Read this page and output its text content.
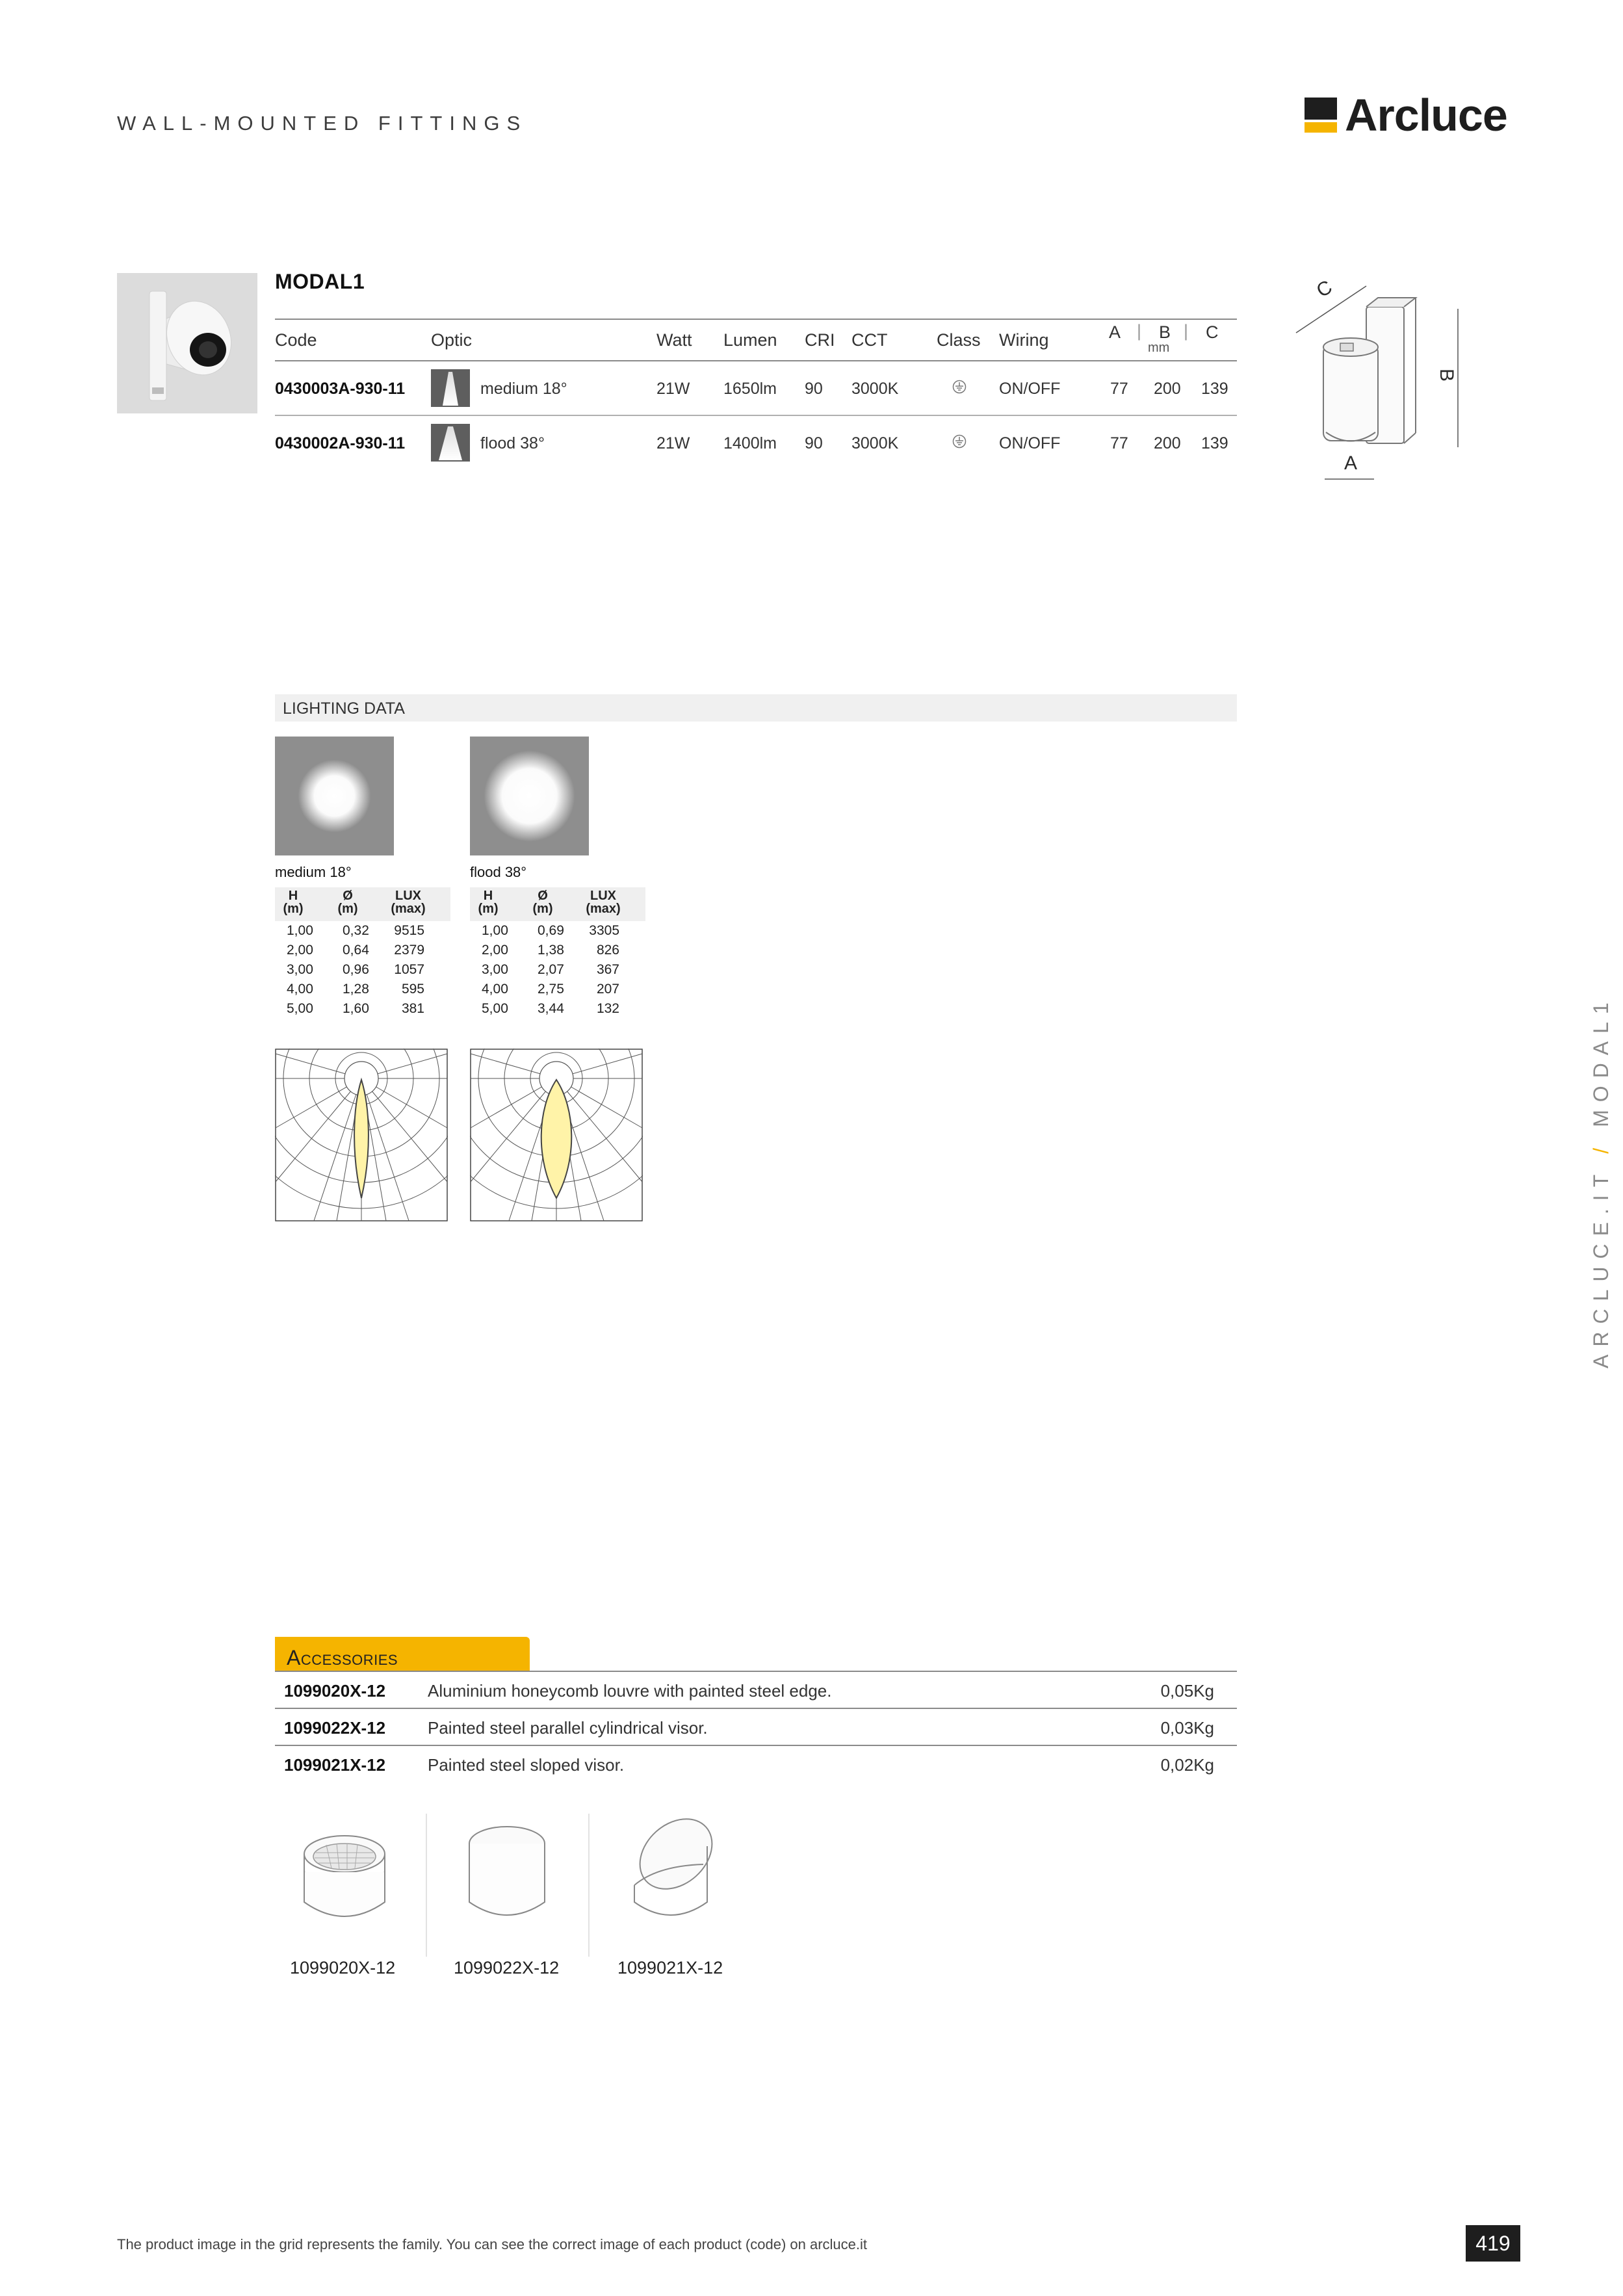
WALL-MOUNTED FITTINGS	Arcluce
MODAL1
Code	Optic	Watt Lumen CRI CCT	Class Wiring	A | B | C
mm
0430003A-930-11	medium 18°	21W 1650lm 90 3000K	ON/OFF	77 200 139
0430002A-930-11	flood 38°	21W 1400lm 90 3000K	ON/OFF	77 200 139
C
B
A
LIGHTING DATA
medium 18°
H
(m)
Ø
(m)
LUX
(max)
1,00 0,32 9515
2,00 0,64 2379
3,00 0,96 1057
4,00 1,28 595
5,00 1,60 381
flood 38°
H
(m)
Ø
(m)
LUX
(max)
1,00 0,69 3305
2,00 1,38 826
3,00 2,07 367
4,00 2,75 207
5,00 3,44 132
Accessories
1099020X-12 Aluminium honeycomb louvre with painted steel edge.	0,05Kg
1099022X-12 Painted steel parallel cylindrical visor.	0,03Kg
1099021X-12 Painted steel sloped visor.	0,02Kg
1099020X-12	1099022X-12	1099021X-12
ARCLUCE.IT/MODAL1
The product image in the grid represents the family. You can see the correct image of each product (code) on arcluce.it	419
